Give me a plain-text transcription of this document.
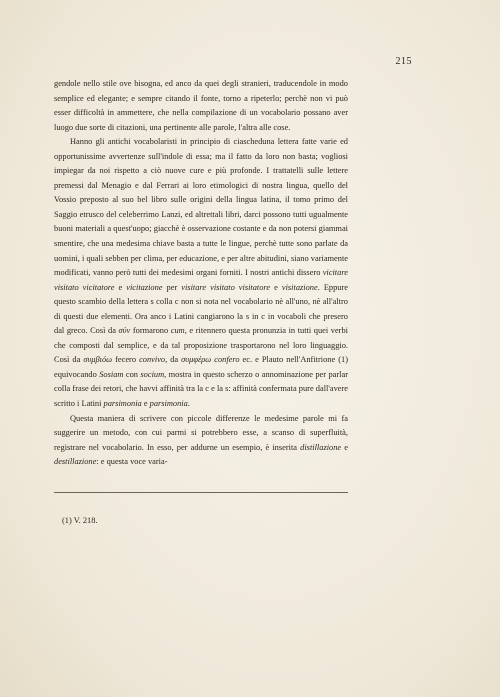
215

gendole nello stile ove bisogna, ed anco da quei degli stranieri, traducendole in modo semplice ed elegante; e sempre citando il fonte, torno a ripeterlo; perchè non vi può esser difficoltà in ammettere, che nella compilazione di un vocabolario possano aver luogo due sorte di citazioni, una pertinente alle parole, l'altra alle cose.

Hanno gli antichi vocabolaristi in principio di ciascheduna lettera fatte varie ed opportunissime avvertenze sull'indole di essa; ma il fatto da loro non basta; vogliosi impiegar da noi rispetto a ciò nuove cure e più profonde. I trattatelli sulle lettere premessi dal Menagio e dal Ferrari ai loro etimologici di nostra lingua, quello del Vossio preposto al suo bel libro sulle origini della lingua latina, il tomo primo del Saggio etrusco del celeberrimo Lanzi, ed altrettali libri, darci possono tutti ugualmente buoni materiali a quest'uopo; giacchè è osservazione costante e da non potersi giammai smentire, che una medesima chiave basta a tutte le lingue, perchè tutte sono parlate da uomini, i quali sebben per clima, per educazione, e per altre abitudini, siano variamente modificati, vanno però tutti dei medesimi organi forniti. I nostri antichi dissero vicitare visitato vicitatore e vicitazione per visitare visitato visitatore e visitazione. Eppure questo scambio della lettera s colla c non si nota nel vocabolario nè all'uno, nè all'altro di questi due elementi. Ora anco i Latini cangiarono la s in c in vocaboli che presero dal greco. Così da σύν formarono cum, e ritennero questa pronunzia in tutti quei verbi che composti dal semplice, e da tal proposizione trasportarono nel loro linguaggio. Così da συμβιόω fecero convivo, da συμφέρω confero ec. e Plauto nell'Anfitrione (1) equivocando Sosiam con socium, mostra in questo scherzo o annominazione per parlar colla frase dei retori, che havvi affinità tra la c e la s: affinità confermata pure dall'avere scritto i Latini parsimonia e parsimonia.

Questa maniera di scrivere con piccole differenze le medesime parole mi fa suggerire un metodo, con cui parmi si potrebbero esse, a scanso di superfluità, registrare nel vocabolario. In esso, per addurne un esempio, è inserita distillazione e destillazione: e questa voce varia-

(1) V. 218.
